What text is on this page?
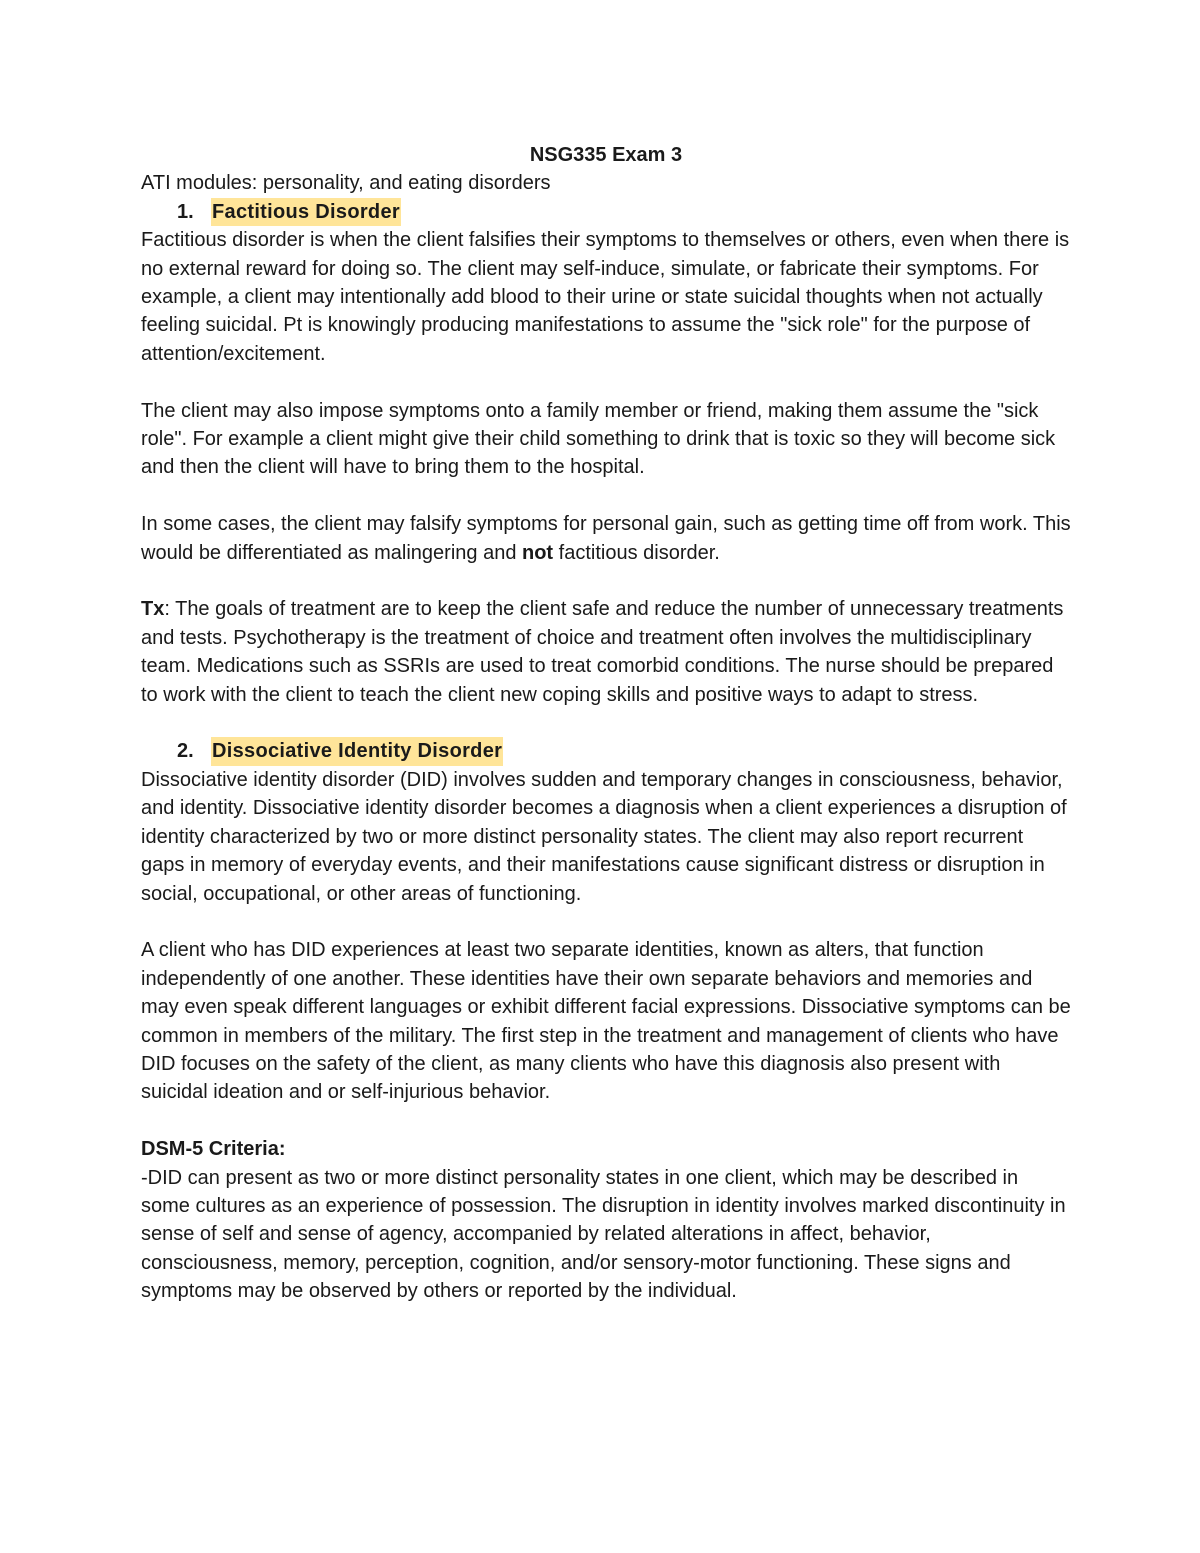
NSG335 Exam 3

ATI modules: personality, and eating disorders

1. Factitious Disorder

Factitious disorder is when the client falsifies their symptoms to themselves or others, even when there is no external reward for doing so. The client may self-induce, simulate, or fabricate their symptoms. For example, a client may intentionally add blood to their urine or state suicidal thoughts when not actually feeling suicidal. Pt is knowingly producing manifestations to assume the "sick role" for the purpose of attention/excitement.

The client may also impose symptoms onto a family member or friend, making them assume the "sick role". For example a client might give their child something to drink that is toxic so they will become sick and then the client will have to bring them to the hospital.

In some cases, the client may falsify symptoms for personal gain, such as getting time off from work. This would be differentiated as malingering and not factitious disorder.

Tx: The goals of treatment are to keep the client safe and reduce the number of unnecessary treatments and tests. Psychotherapy is the treatment of choice and treatment often involves the multidisciplinary team. Medications such as SSRIs are used to treat comorbid conditions. The nurse should be prepared to work with the client to teach the client new coping skills and positive ways to adapt to stress.

2. Dissociative Identity Disorder

Dissociative identity disorder (DID) involves sudden and temporary changes in consciousness, behavior, and identity. Dissociative identity disorder becomes a diagnosis when a client experiences a disruption of identity characterized by two or more distinct personality states. The client may also report recurrent gaps in memory of everyday events, and their manifestations cause significant distress or disruption in social, occupational, or other areas of functioning.

A client who has DID experiences at least two separate identities, known as alters, that function independently of one another. These identities have their own separate behaviors and memories and may even speak different languages or exhibit different facial expressions. Dissociative symptoms can be common in members of the military. The first step in the treatment and management of clients who have DID focuses on the safety of the client, as many clients who have this diagnosis also present with suicidal ideation and or self-injurious behavior.

DSM-5 Criteria:

-DID can present as two or more distinct personality states in one client, which may be described in some cultures as an experience of possession. The disruption in identity involves marked discontinuity in sense of self and sense of agency, accompanied by related alterations in affect, behavior, consciousness, memory, perception, cognition, and/or sensory-motor functioning. These signs and symptoms may be observed by others or reported by the individual.
